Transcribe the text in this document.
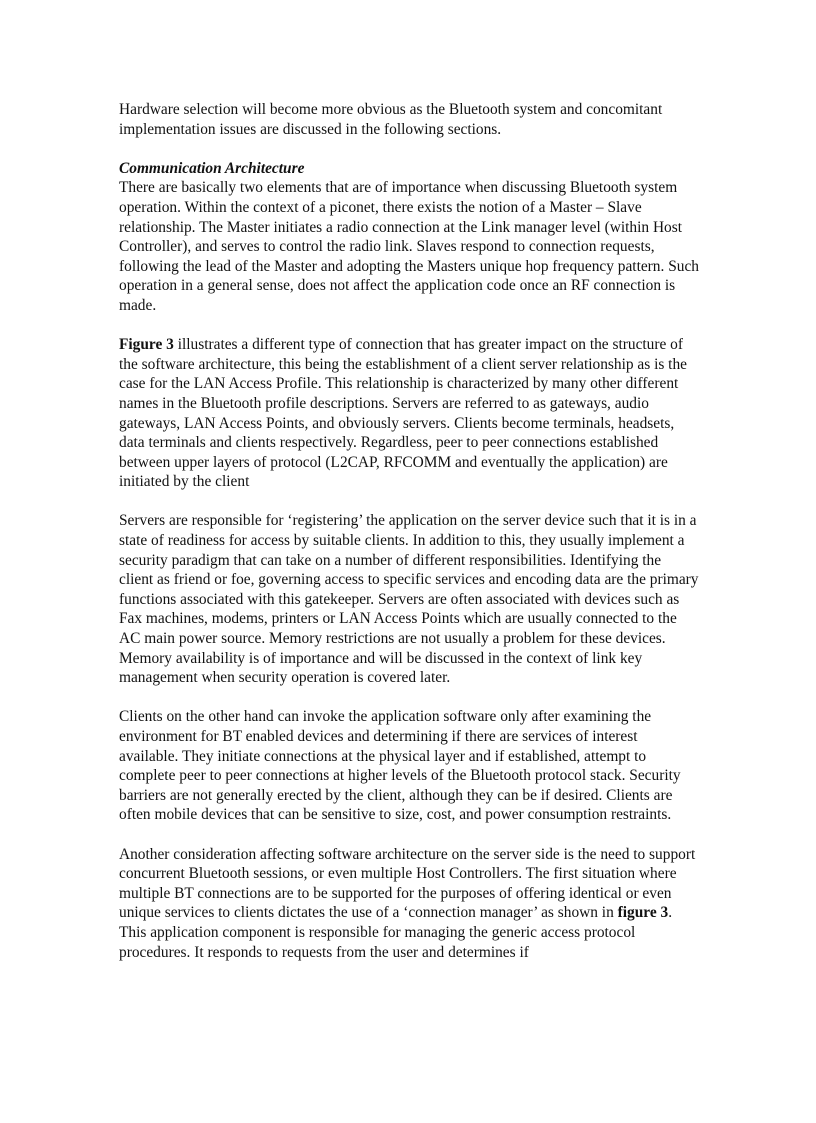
Hardware selection will become more obvious as the Bluetooth system and concomitant implementation issues are discussed in the following sections.

Communication Architecture

There are basically two elements that are of importance when discussing Bluetooth system operation. Within the context of a piconet, there exists the notion of a Master – Slave relationship. The Master initiates a radio connection at the Link manager level (within Host Controller), and serves to control the radio link. Slaves respond to connection requests, following the lead of the Master and adopting the Masters unique hop frequency pattern. Such operation in a general sense, does not affect the application code once an RF connection is made.

Figure 3 illustrates a different type of connection that has greater impact on the structure of the software architecture, this being the establishment of a client server relationship as is the case for the LAN Access Profile. This relationship is characterized by many other different names in the Bluetooth profile descriptions. Servers are referred to as gateways, audio gateways, LAN Access Points, and obviously servers. Clients become terminals, headsets, data terminals and clients respectively. Regardless, peer to peer connections established between upper layers of protocol (L2CAP, RFCOMM and eventually the application) are initiated by the client

Servers are responsible for ‘registering’ the application on the server device such that it is in a state of readiness for access by suitable clients. In addition to this, they usually implement a security paradigm that can take on a number of different responsibilities. Identifying the client as friend or foe, governing access to specific services and encoding data are the primary functions associated with this gatekeeper. Servers are often associated with devices such as Fax machines, modems, printers or LAN Access Points which are usually connected to the AC main power source. Memory restrictions are not usually a problem for these devices. Memory availability is of importance and will be discussed in the context of link key management when security operation is covered later.

Clients on the other hand can invoke the application software only after examining the environment for BT enabled devices and determining if there are services of interest available. They initiate connections at the physical layer and if established, attempt to complete peer to peer connections at higher levels of the Bluetooth protocol stack. Security barriers are not generally erected by the client, although they can be if desired. Clients are often mobile devices that can be sensitive to size, cost, and power consumption restraints.

Another consideration affecting software architecture on the server side is the need to support concurrent Bluetooth sessions, or even multiple Host Controllers. The first situation where multiple BT connections are to be supported for the purposes of offering identical or even unique services to clients dictates the use of a ‘connection manager’ as shown in figure 3. This application component is responsible for managing the generic access protocol procedures. It responds to requests from the user and determines if
